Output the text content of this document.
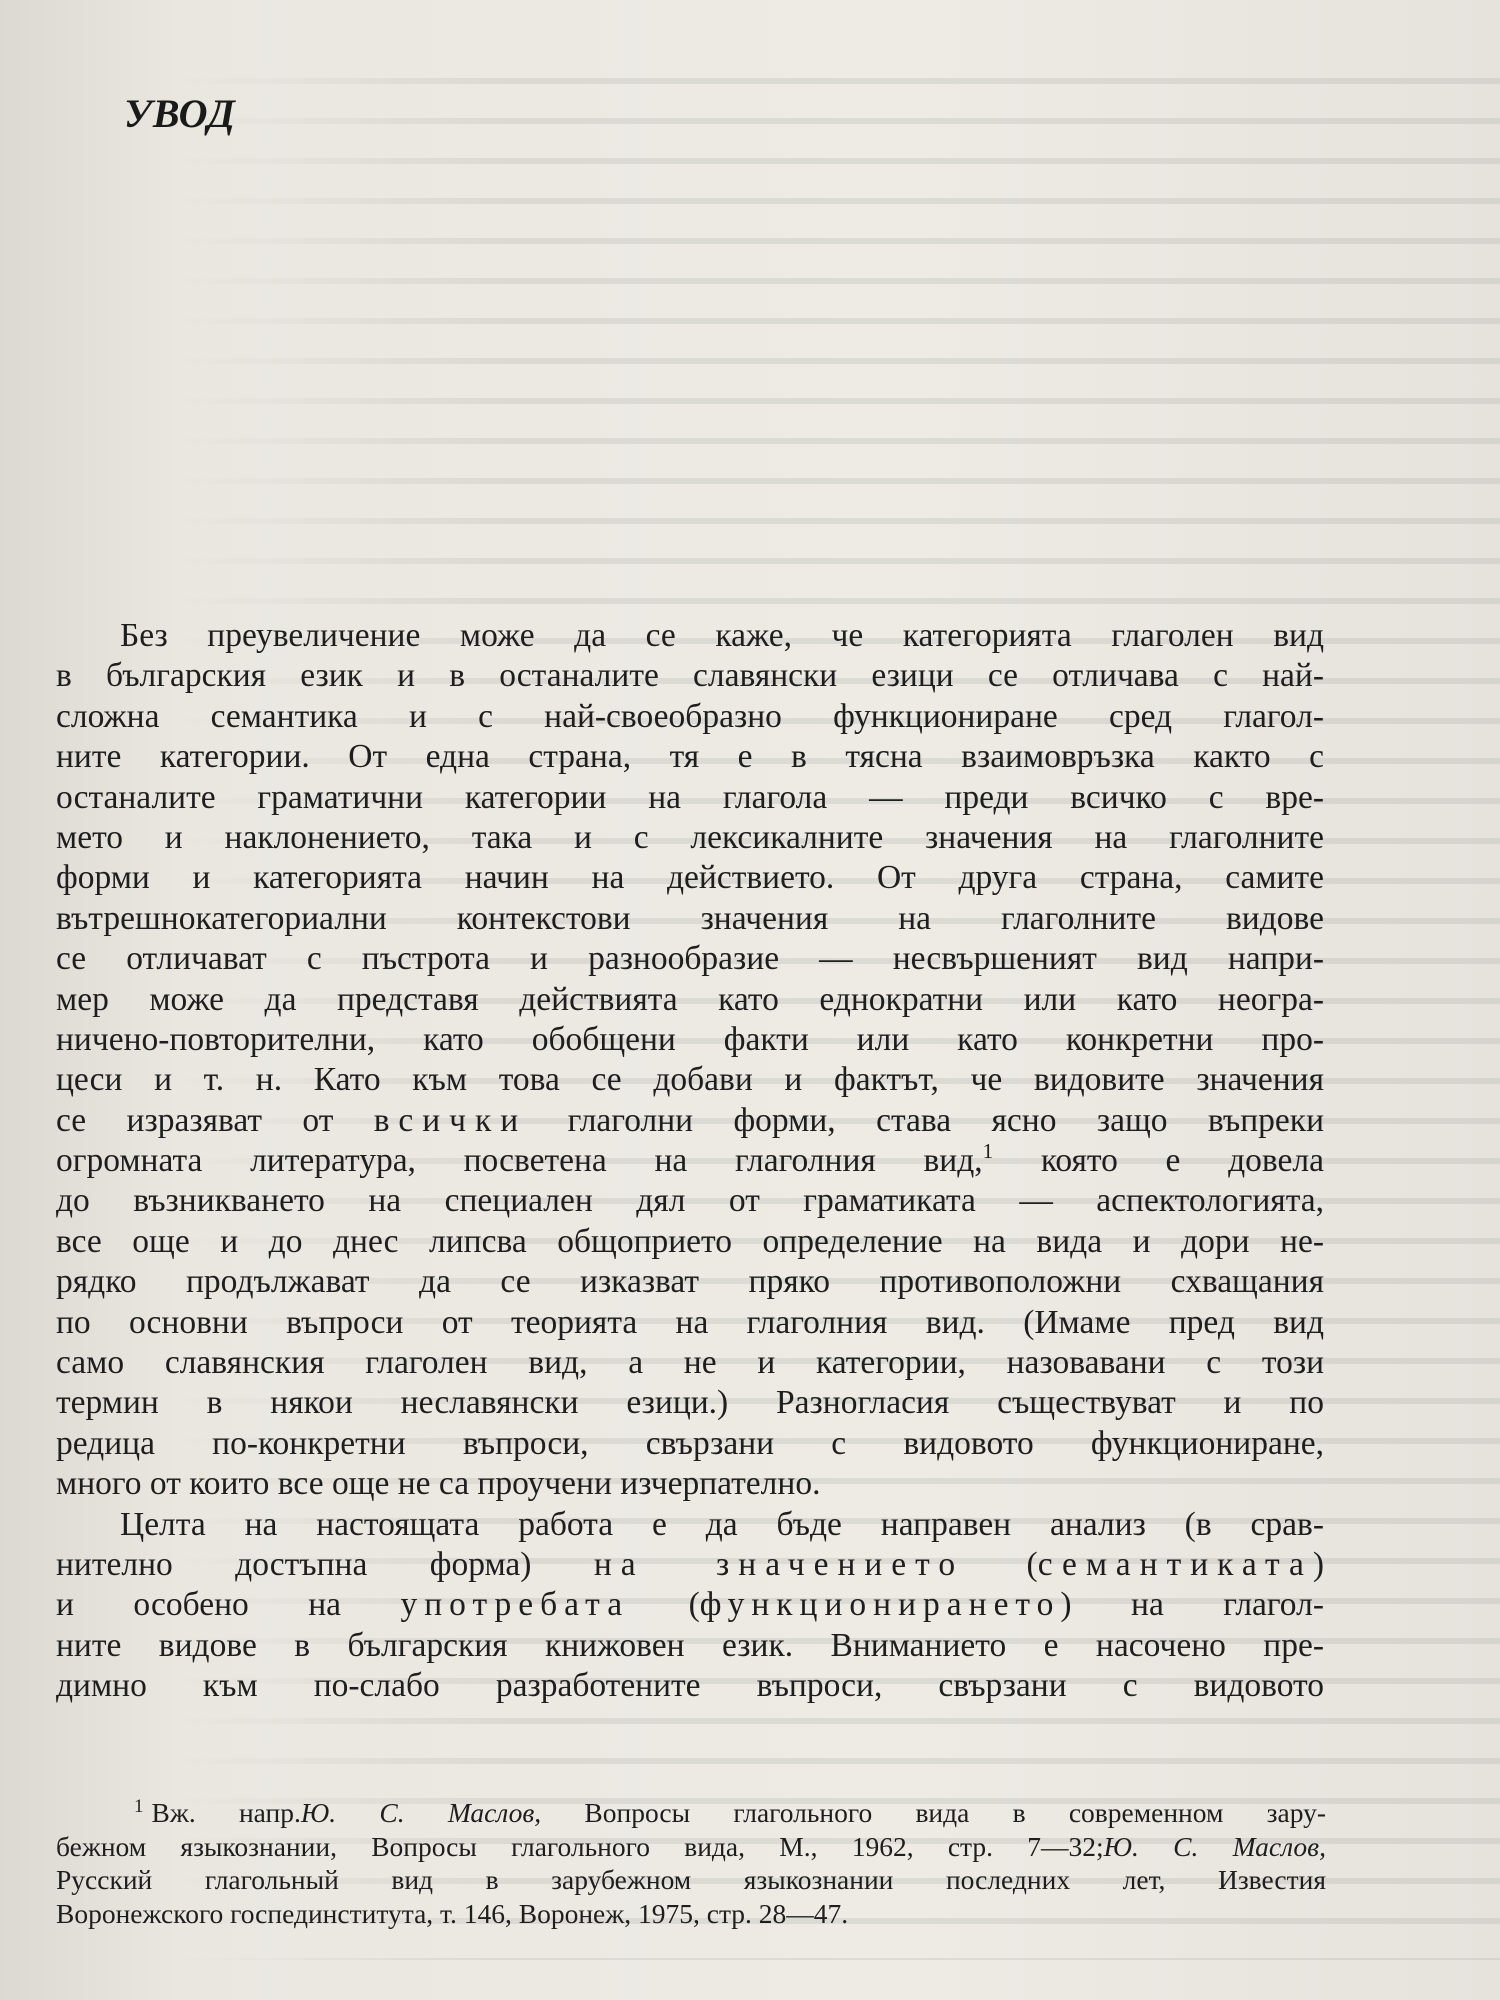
УВОД
Без преувеличение може да се каже, че категорията глаголен вид
в българския език и в останалите славянски езици се отличава с най-
сложна семантика и с най-своеобразно функциониране сред глагол-
ните категории. От една страна, тя е в тясна взаимовръзка както с
останалите граматични категории на глагола — преди всичко с вре-
мето и наклонението, така и с лексикалните значения на глаголните
форми и категорията начин на действието. От друга страна, самите
вътрешнокатегориални контекстови значения на глаголните видове
се отличават с пъстрота и разнообразие — несвършеният вид напри-
мер може да представя действията като еднократни или като неогра-
ничено-повторителни, като обобщени факти или като конкретни про-
цеси и т. н. Като към това се добави и фактът, че видовите значения
се изразяват от всички глаголни форми, става ясно защо въпреки
огромната литература, посветена на глаголния вид,$^1$ която е довела
до възникването на специален дял от граматиката — аспектологията,
все още и до днес липсва общоприето определение на вида и дори не-
рядко продължават да се изказват пряко противоположни схващания
по основни въпроси от теорията на глаголния вид. (Имаме пред вид
само славянския глаголен вид, а не и категории, назовавани с този
термин в някои неславянски езици.) Разногласия съществуват и по
редица по-конкретни въпроси, свързани с видовото функциониране,
много от които все още не са проучени изчерпателно.
Целта на настоящата работа е да бъде направен анализ (в срав-
нително достъпна форма) на значението (семантиката)
и особено на употребата (функционирането) на глагол-
ните видове в българския книжовен език. Вниманието е насочено пре-
димно към по-слабо разработените въпроси, свързани с видовото
$^1$ Вж. напр.Ю. С. Маслов, Вопросы глагольного вида в современном зару-
бежном языкознании, Вопросы глагольного вида, М., 1962, стр. 7—32;Ю. С. Маслов,
Русский глагольный вид в зарубежном языкознании последних лет, Известия
Воронежского госпединститута, т. 146, Воронеж, 1975, стр. 28—47.
